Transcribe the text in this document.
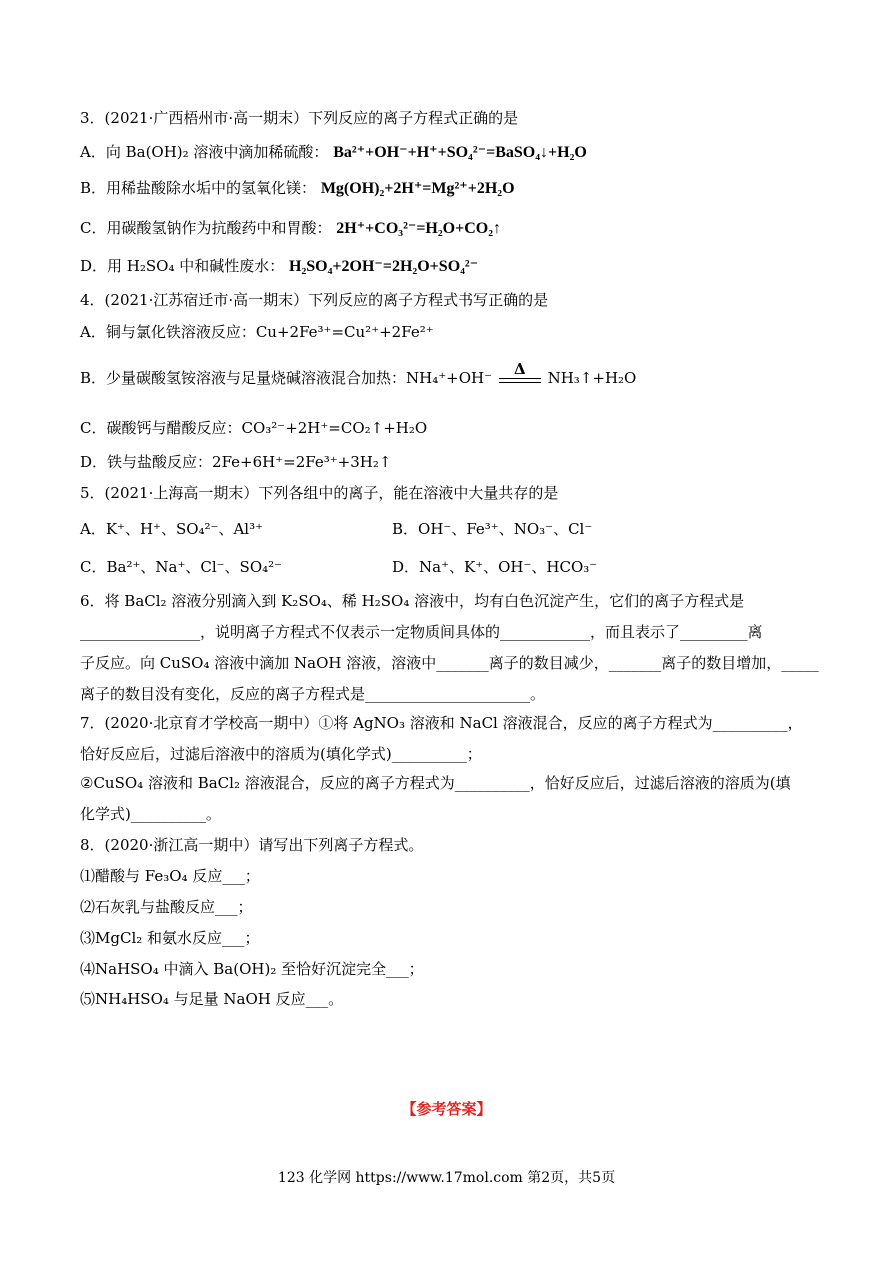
3．(2021·广西梧州市·高一期末）下列反应的离子方程式正确的是
A．向 Ba(OH)₂ 溶液中滴加稀硫酸： Ba²⁺+OH⁻+H⁺+SO₄²⁻=BaSO₄↓+H₂O
B．用稀盐酸除水垢中的氢氧化镁： Mg(OH)₂+2H⁺=Mg²⁺+2H₂O
C．用碳酸氢钠作为抗酸药中和胃酸： 2H⁺+CO₃²⁻=H₂O+CO₂↑
D．用 H₂SO₄ 中和碱性废水： H₂SO₄+2OH⁻=2H₂O+SO₄²⁻
4．(2021·江苏宿迁市·高一期末）下列反应的离子方程式书写正确的是
A．铜与氯化铁溶液反应：Cu+2Fe³⁺=Cu²⁺+2Fe²⁺
B．少量碳酸氢铵溶液与足量烧碱溶液混合加热：NH₄⁺+OH⁻	Δ	NH₃↑+H₂O
C．碳酸钙与醋酸反应：CO₃²⁻+2H⁺=CO₂↑+H₂O
D．铁与盐酸反应：2Fe+6H⁺=2Fe³⁺+3H₂↑
5．(2021·上海高一期末）下列各组中的离子，能在溶液中大量共存的是
A．K⁺、H⁺、SO₄²⁻、Al³⁺	B．OH⁻、Fe³⁺、NO₃⁻、Cl⁻
C．Ba²⁺、Na⁺、Cl⁻、SO₄²⁻	D．Na⁺、K⁺、OH⁻、HCO₃⁻
6．将 BaCl₂ 溶液分别滴入到 K₂SO₄、稀 H₂SO₄ 溶液中，均有白色沉淀产生，它们的离子方程式是
________________，说明离子方程式不仅表示一定物质间具体的____________，而且表示了_________离
子反应。向 CuSO₄ 溶液中滴加 NaOH 溶液，溶液中_______离子的数目减少，_______离子的数目增加，_____
离子的数目没有变化，反应的离子方程式是______________________。
7．(2020·北京育才学校高一期中）①将 AgNO₃ 溶液和 NaCl 溶液混合，反应的离子方程式为__________，
恰好反应后，过滤后溶液中的溶质为(填化学式)__________；
②CuSO₄ 溶液和 BaCl₂ 溶液混合，反应的离子方程式为__________，恰好反应后，过滤后溶液的溶质为(填
化学式)__________。
8．(2020·浙江高一期中）请写出下列离子方程式。
⑴醋酸与 Fe₃O₄ 反应___；
⑵石灰乳与盐酸反应___；
⑶MgCl₂ 和氨水反应___；
⑷NaHSO₄ 中滴入 Ba(OH)₂ 至恰好沉淀完全___；
⑸NH₄HSO₄ 与足量 NaOH 反应___。
【参考答案】
123 化学网 https://www.17mol.com 第2页，共5页
